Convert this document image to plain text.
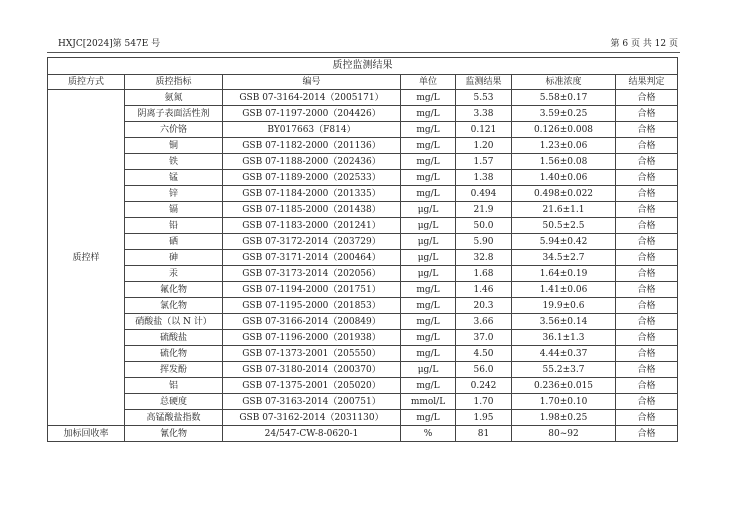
HXJC[2024]第 547E 号	第 6 页 共 12 页
质控监测结果						
质控方式	质控指标	编号	单位	监测结果	标准浓度	结果判定
质控样	氨氮	GSB 07-3164-2014（2005171）	mg/L	5.53	5.58±0.17	合格
	阴离子表面活性剂	GSB 07-1197-2000（204426）	mg/L	3.38	3.59±0.25	合格
	六价铬	BY017663（F814）	mg/L	0.121	0.126±0.008	合格
	铜	GSB 07-1182-2000（201136）	mg/L	1.20	1.23±0.06	合格
	铁	GSB 07-1188-2000（202436）	mg/L	1.57	1.56±0.08	合格
	锰	GSB 07-1189-2000（202533）	mg/L	1.38	1.40±0.06	合格
	锌	GSB 07-1184-2000（201335）	mg/L	0.494	0.498±0.022	合格
	镉	GSB 07-1185-2000（201438）	μg/L	21.9	21.6±1.1	合格
	铅	GSB 07-1183-2000（201241）	μg/L	50.0	50.5±2.5	合格
	硒	GSB 07-3172-2014（203729）	μg/L	5.90	5.94±0.42	合格
	砷	GSB 07-3171-2014（200464）	μg/L	32.8	34.5±2.7	合格
	汞	GSB 07-3173-2014（202056）	μg/L	1.68	1.64±0.19	合格
	氟化物	GSB 07-1194-2000（201751）	mg/L	1.46	1.41±0.06	合格
	氯化物	GSB 07-1195-2000（201853）	mg/L	20.3	19.9±0.6	合格
	硝酸盐（以 N 计）	GSB 07-3166-2014（200849）	mg/L	3.66	3.56±0.14	合格
	硫酸盐	GSB 07-1196-2000（201938）	mg/L	37.0	36.1±1.3	合格
	硫化物	GSB 07-1373-2001（205550）	mg/L	4.50	4.44±0.37	合格
	挥发酚	GSB 07-3180-2014（200370）	μg/L	56.0	55.2±3.7	合格
	铝	GSB 07-1375-2001（205020）	mg/L	0.242	0.236±0.015	合格
	总硬度	GSB 07-3163-2014（200751）	mmol/L	1.70	1.70±0.10	合格
	高锰酸盐指数	GSB 07-3162-2014（2031130）	mg/L	1.95	1.98±0.25	合格
加标回收率	氰化物	24/547-CW-8-0620-1	%	81	80~92	合格
